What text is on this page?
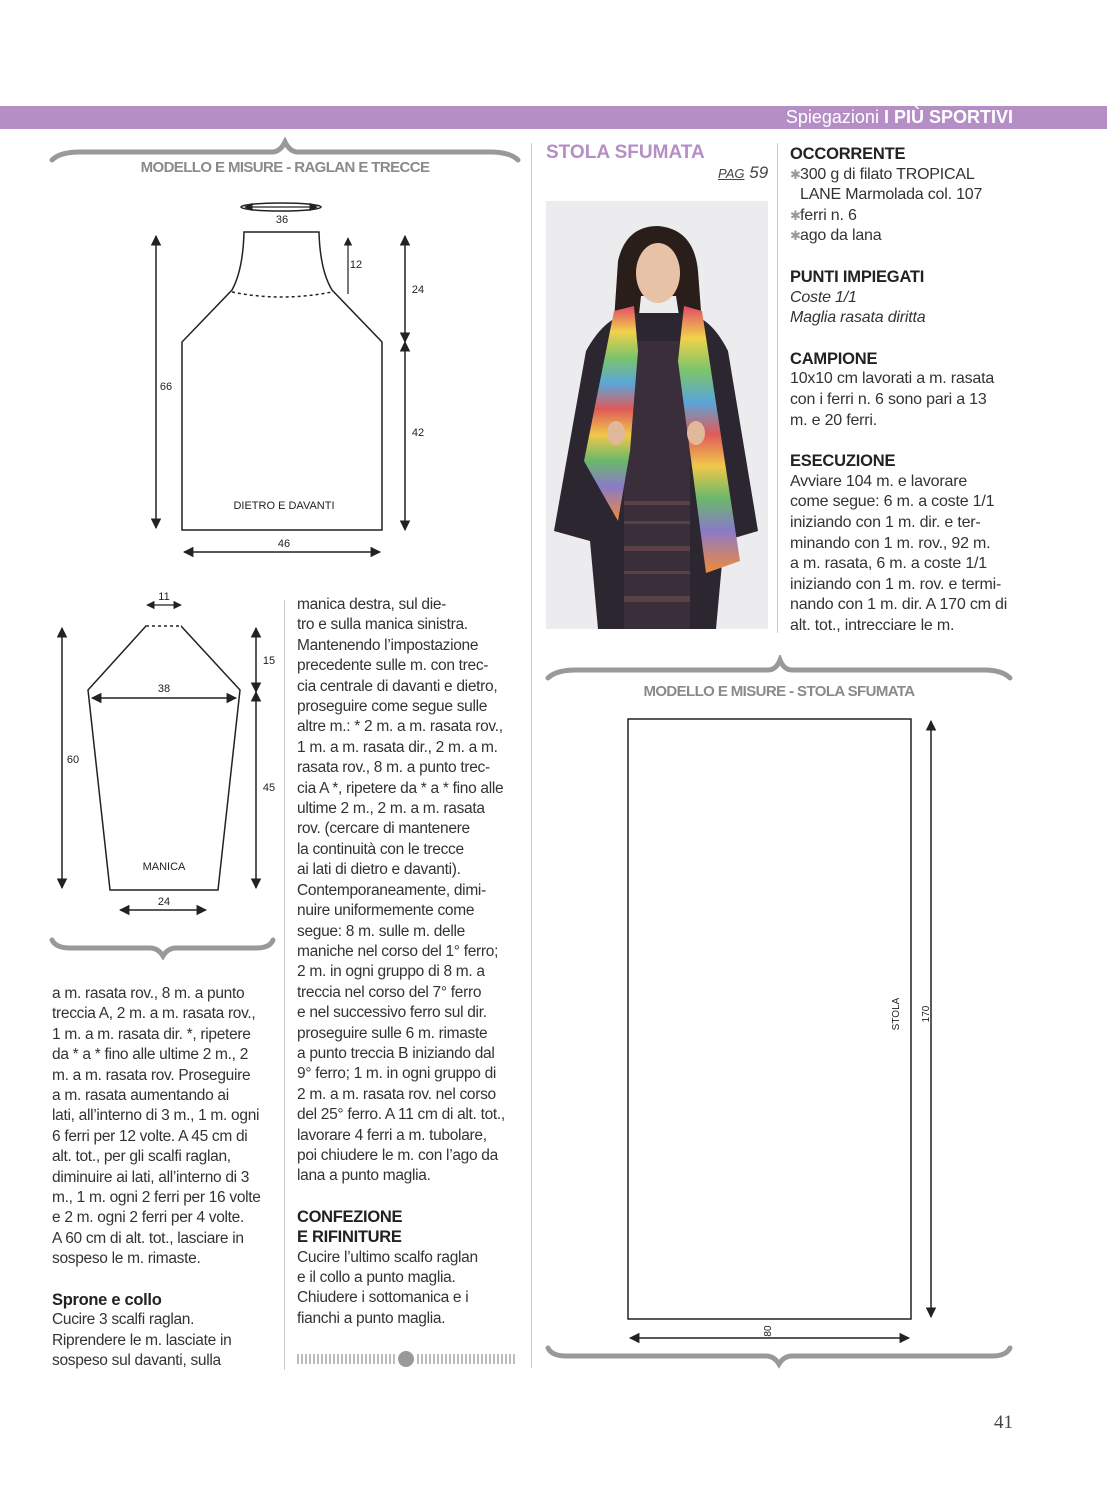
Spiegazioni I PIÙ SPORTIVI
36
12
24
66
42
DIETRO E DAVANTI
46
11
15
38
60
45
MANICA
24
MODELLO E MISURE - RAGLAN E TRECCE
a m. rasata rov., 8 m. a punto
treccia A, 2 m. a m. rasata rov.,
1 m. a m. rasata dir. *, ripetere
da * a * fino alle ultime 2 m., 2
m. a m. rasata rov. Proseguire
a m. rasata aumentando ai
lati, all’interno di 3 m., 1 m. ogni
6 ferri per 12 volte. A 45 cm di
alt. tot., per gli scalfi raglan,
diminuire ai lati, all’interno di 3
m., 1 m. ogni 2 ferri per 16 volte
e 2 m. ogni 2 ferri per 4 volte.
A 60 cm di alt. tot., lasciare in
sospeso le m. rimaste.
Sprone e collo
Cucire 3 scalfi raglan.
Riprendere le m. lasciate in
sospeso sul davanti, sulla
manica destra, sul die-
tro e sulla manica sinistra.
Mantenendo l’impostazione
precedente sulle m. con trec-
cia centrale di davanti e dietro,
proseguire come segue sulle
altre m.: * 2 m. a m. rasata rov.,
1 m. a m. rasata dir., 2 m. a m.
rasata rov., 8 m. a punto trec-
cia A *, ripetere da * a * fino alle
ultime 2 m., 2 m. a m. rasata
rov. (cercare di mantenere
la continuità con le trecce
ai lati di dietro e davanti).
Contemporaneamente, dimi-
nuire uniformemente come
segue: 8 m. sulle m. delle
maniche nel corso del 1° ferro;
2 m. in ogni gruppo di 8 m. a
treccia nel corso del 7° ferro
e nel successivo ferro sul dir.
proseguire sulle 6 m. rimaste
a punto treccia B iniziando dal
9° ferro; 1 m. in ogni gruppo di
2 m. a m. rasata rov. nel corso
del 25° ferro. A 11 cm di alt. tot.,
lavorare 4 ferri a m. tubolare,
poi chiudere le m. con l’ago da
lana a punto maglia.
CONFEZIONE
E RIFINITURE
Cucire l’ultimo scalfo raglan
e il collo a punto maglia.
Chiudere i sottomanica e i
fianchi a punto maglia.
STOLA SFUMATA
PAG 59
OCCORRENTE
✱300 g di filato TROPICAL
LANE Marmolada col. 107
✱ferri n. 6
✱ago da lana
PUNTI IMPIEGATI
Coste 1/1
Maglia rasata diritta
CAMPIONE
10x10 cm lavorati a m. rasata
con i ferri n. 6 sono pari a 13
m. e 20 ferri.
ESECUZIONE
Avviare 104 m. e lavorare
come segue: 6 m. a coste 1/1
iniziando con 1 m. dir. e ter-
minando con 1 m. rov., 92 m.
a m. rasata, 6 m. a coste 1/1
iniziando con 1 m. rov. e termi-
nando con 1 m. dir. A 170 cm di
alt. tot., intrecciare le m.
STOLA 170
80
MODELLO E MISURE - STOLA SFUMATA
41
